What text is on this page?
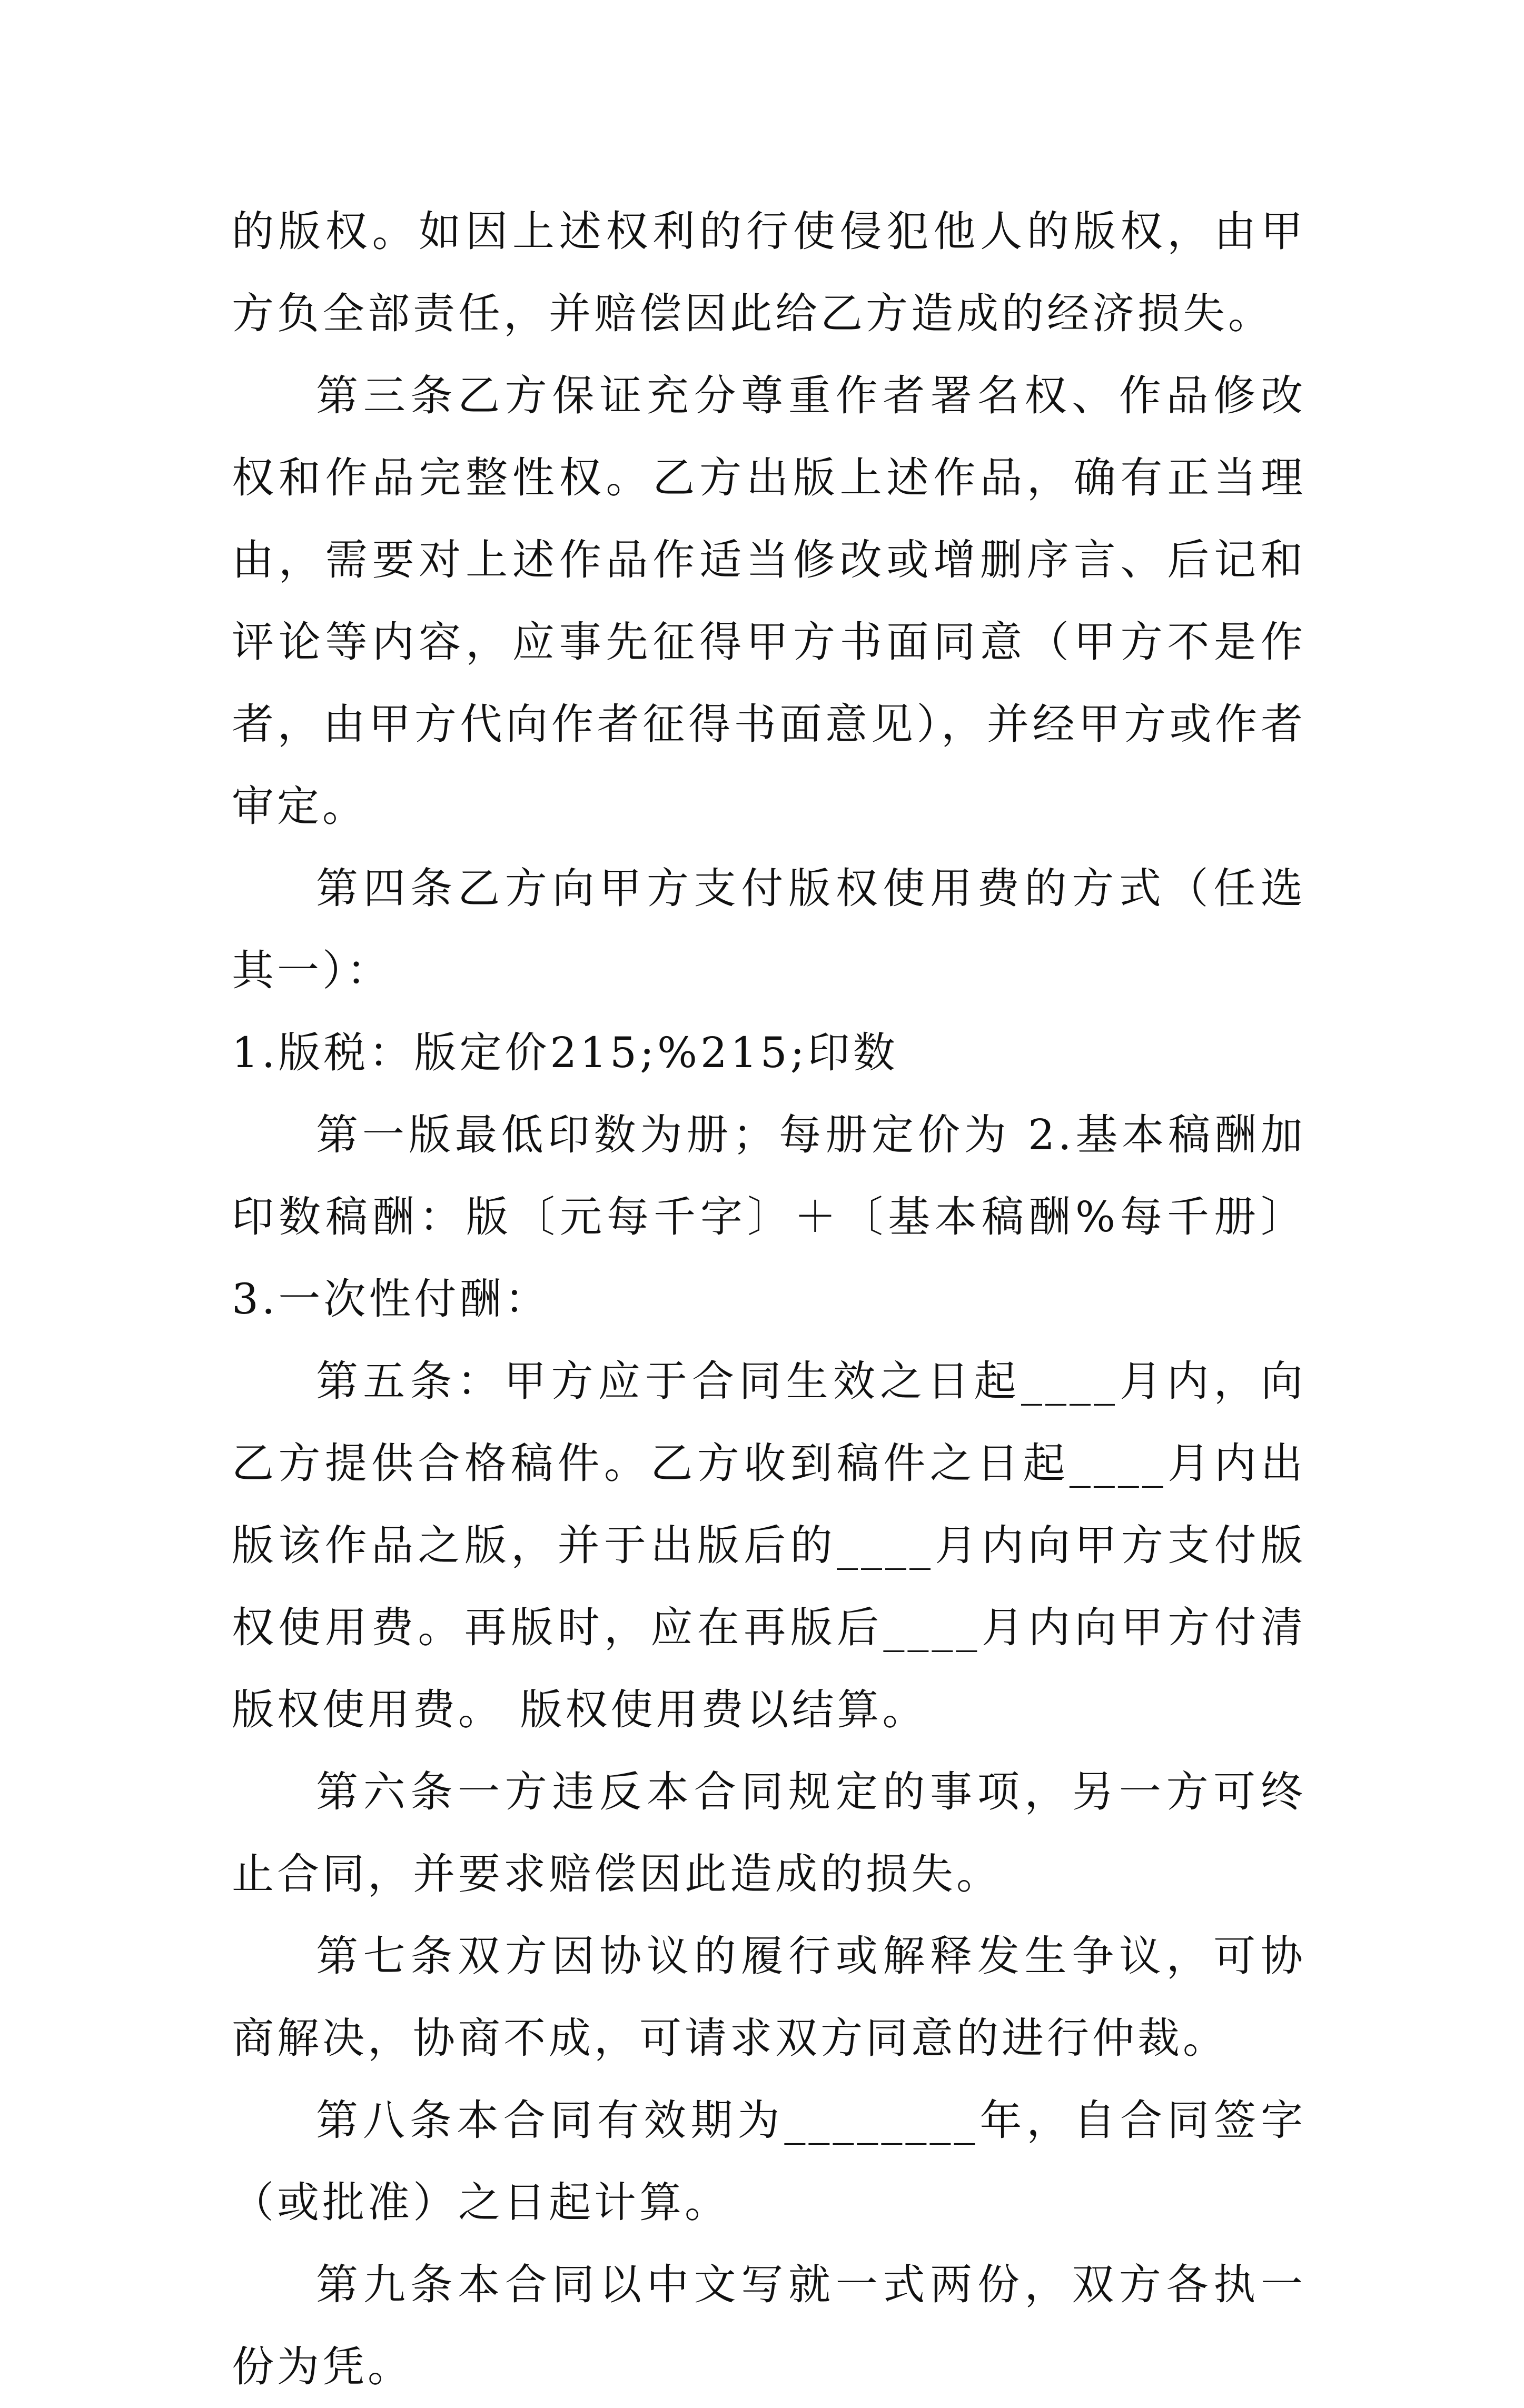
的版权。如因上述权利的行使侵犯他人的版权，由甲方负全部责任，并赔偿因此给乙方造成的经济损失。

第三条乙方保证充分尊重作者署名权、作品修改权和作品完整性权。乙方出版上述作品，确有正当理由，需要对上述作品作适当修改或增删序言、后记和评论等内容，应事先征得甲方书面同意（甲方不是作者，由甲方代向作者征得书面意见），并经甲方或作者审定。

第四条乙方向甲方支付版权使用费的方式（任选其一）：

1.版税：版定价215;%215;印数

第一版最低印数为册；每册定价为 2.基本稿酬加印数稿酬：版〔元每千字〕＋〔基本稿酬%每千册〕 3.一次性付酬：

第五条：甲方应于合同生效之日起____月内，向乙方提供合格稿件。乙方收到稿件之日起____月内出版该作品之版，并于出版后的____月内向甲方支付版权使用费。再版时，应在再版后____月内向甲方付清版权使用费。 版权使用费以结算。

第六条一方违反本合同规定的事项，另一方可终止合同，并要求赔偿因此造成的损失。

第七条双方因协议的履行或解释发生争议，可协商解决，协商不成，可请求双方同意的进行仲裁。

第八条本合同有效期为________年，自合同签字（或批准）之日起计算。

第九条本合同以中文写就一式两份，双方各执一份为凭。
